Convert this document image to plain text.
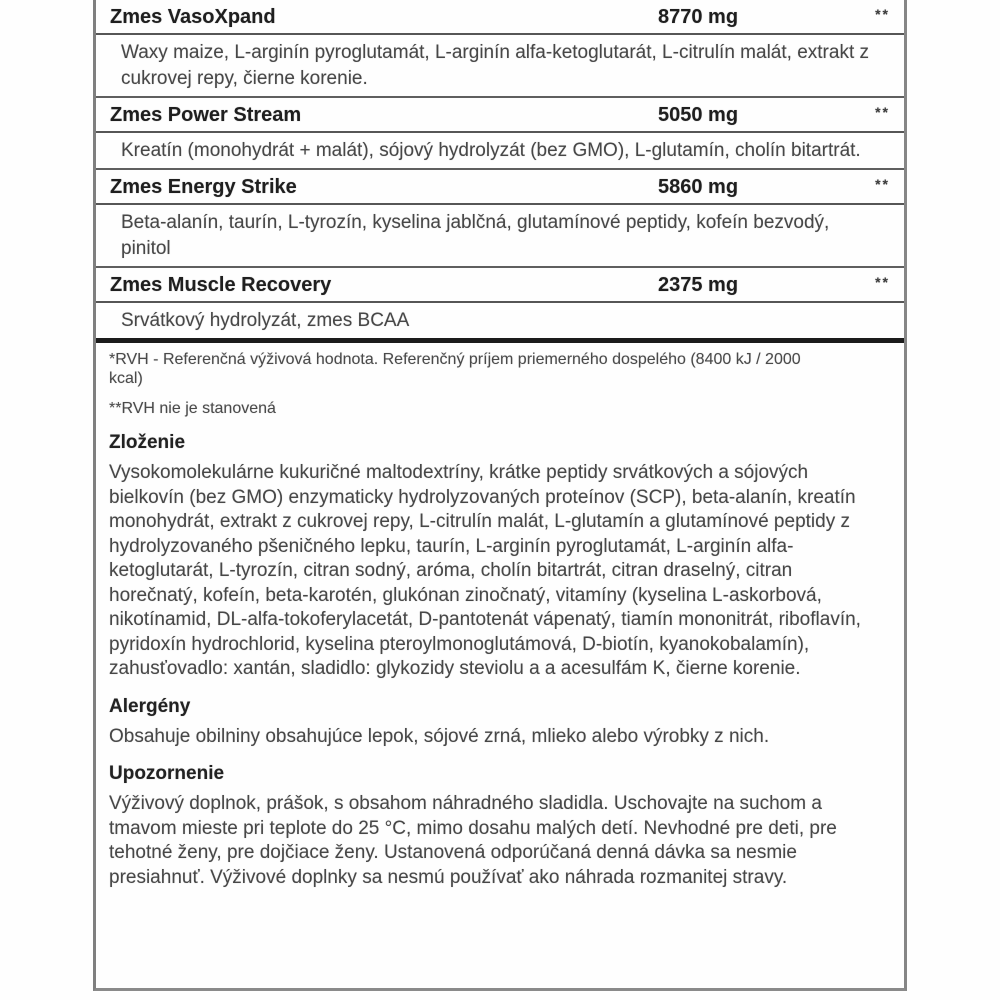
Zmes VasoXpand	8770 mg	**
Waxy maize, L-arginín pyroglutamát, L-arginín alfa-ketoglutarát, L-citrulín malát, extrakt z cukrovej repy, čierne korenie.
Zmes Power Stream	5050 mg	**
Kreatín (monohydrát + malát), sójový hydrolyzát (bez GMO), L-glutamín, cholín bitartrát.
Zmes Energy Strike	5860 mg	**
Beta-alanín, taurín, L-tyrozín, kyselina jablčná, glutamínové peptidy, kofeín bezvodý, pinitol
Zmes Muscle Recovery	2375 mg	**
Srvátkový hydrolyzát, zmes BCAA
*RVH - Referenčná výživová hodnota. Referenčný príjem priemerného dospelého (8400 kJ / 2000 kcal)
**RVH nie je stanovená
Zloženie

Vysokomolekulárne kukuričné maltodextríny, krátke peptidy srvátkových a sójových bielkovín (bez GMO) enzymaticky hydrolyzovaných proteínov (SCP), beta-alanín, kreatín monohydrát, extrakt z cukrovej repy, L-citrulín malát, L-glutamín a glutamínové peptidy z hydrolyzovaného pšeničného lepku, taurín, L-arginín pyroglutamát, L-arginín alfa-ketoglutarát, L-tyrozín, citran sodný, aróma, cholín bitartrát, citran draselný, citran horečnatý, kofeín, beta-karotén, glukónan zinočnatý, vitamíny (kyselina L-askorbová, nikotínamid, DL-alfa-tokoferylacetát, D-pantotenát vápenatý, tiamín mononitrát, riboflavín, pyridoxín hydrochlorid, kyselina pteroylmonoglutámová, D-biotín, kyanokobalamín), zahusťovadlo: xantán, sladidlo: glykozidy steviolu a a acesulfám K, čierne korenie.

Alergény

Obsahuje obilniny obsahujúce lepok, sójové zrná, mlieko alebo výrobky z nich.

Upozornenie

Výživový doplnok, prášok, s obsahom náhradného sladidla. Uschovajte na suchom a tmavom mieste pri teplote do 25 °C, mimo dosahu malých detí. Nevhodné pre deti, pre tehotné ženy, pre dojčiace ženy. Ustanovená odporúčaná denná dávka sa nesmie presiahnuť. Výživové doplnky sa nesmú používať ako náhrada rozmanitej stravy.
